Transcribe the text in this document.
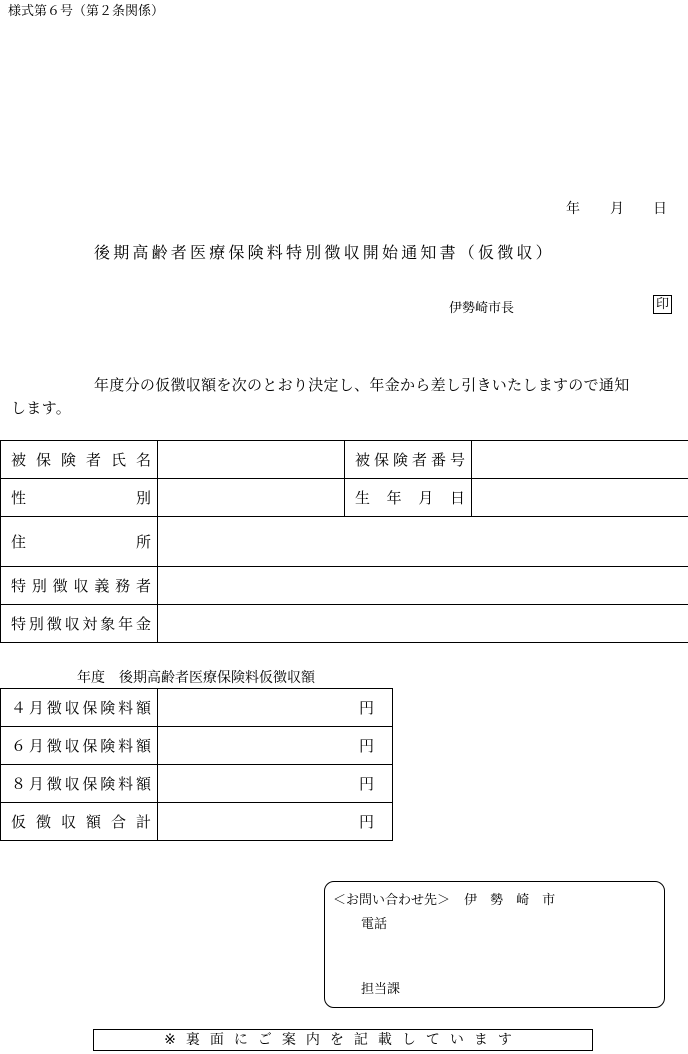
様式第６号（第２条関係）
年 月 日
後期高齢者医療保険料特別徴収開始通知書（仮徴収）
伊勢崎市長	印
年度分の仮徴収額を次のとおり決定し、年金から差し引きいたしますので通知
します。
被保険者氏名		被保険者番号	
性別		生年月日	
住所			
特別徴収義務者			
特別徴収対象年金			
年度　後期高齢者医療保険料仮徴収額
４月徴収保険料額	円
６月徴収保険料額	円
８月徴収保険料額	円
仮徴収額合計	円
＜お問い合わせ先＞ 伊　勢　崎　市
電話
担当課
※裏面にご案内を記載しています
